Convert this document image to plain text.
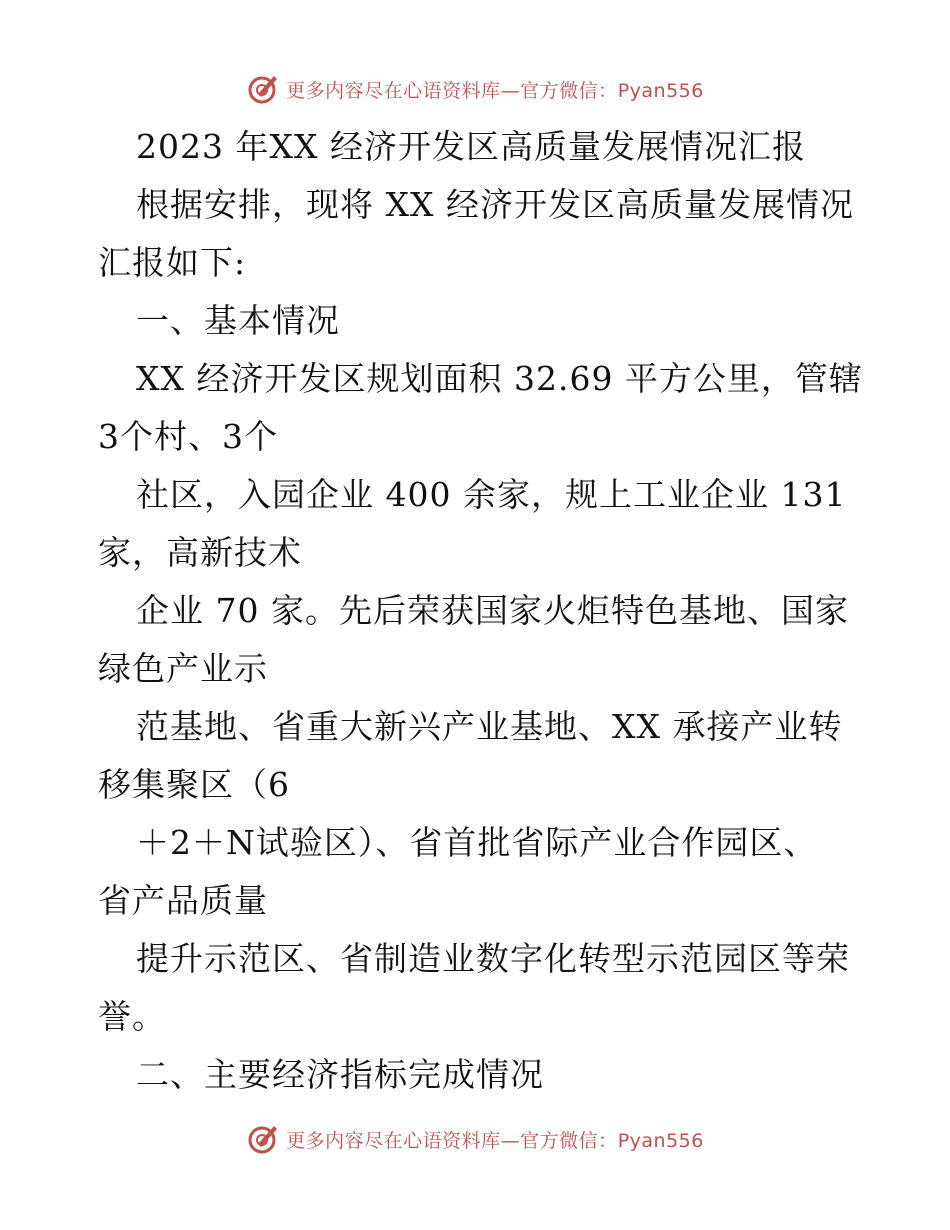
更多内容尽在心语资料库—官方微信：Pyan556
2023 年XX 经济开发区高质量发展情况汇报
根据安排，现将 XX 经济开发区高质量发展情况
汇报如下:
一、基本情况
XX 经济开发区规划面积 32.69 平方公里，管辖
3个村、3个
社区，入园企业 400 余家，规上工业企业 131
家，高新技术
企业 70 家。先后荣获国家火炬特色基地、国家
绿色产业示
范基地、省重大新兴产业基地、XX 承接产业转
移集聚区（6
＋2＋N试验区）、省首批省际产业合作园区、
省产品质量
提升示范区、省制造业数字化转型示范园区等荣
誉。
二、主要经济指标完成情况
更多内容尽在心语资料库—官方微信：Pyan556
